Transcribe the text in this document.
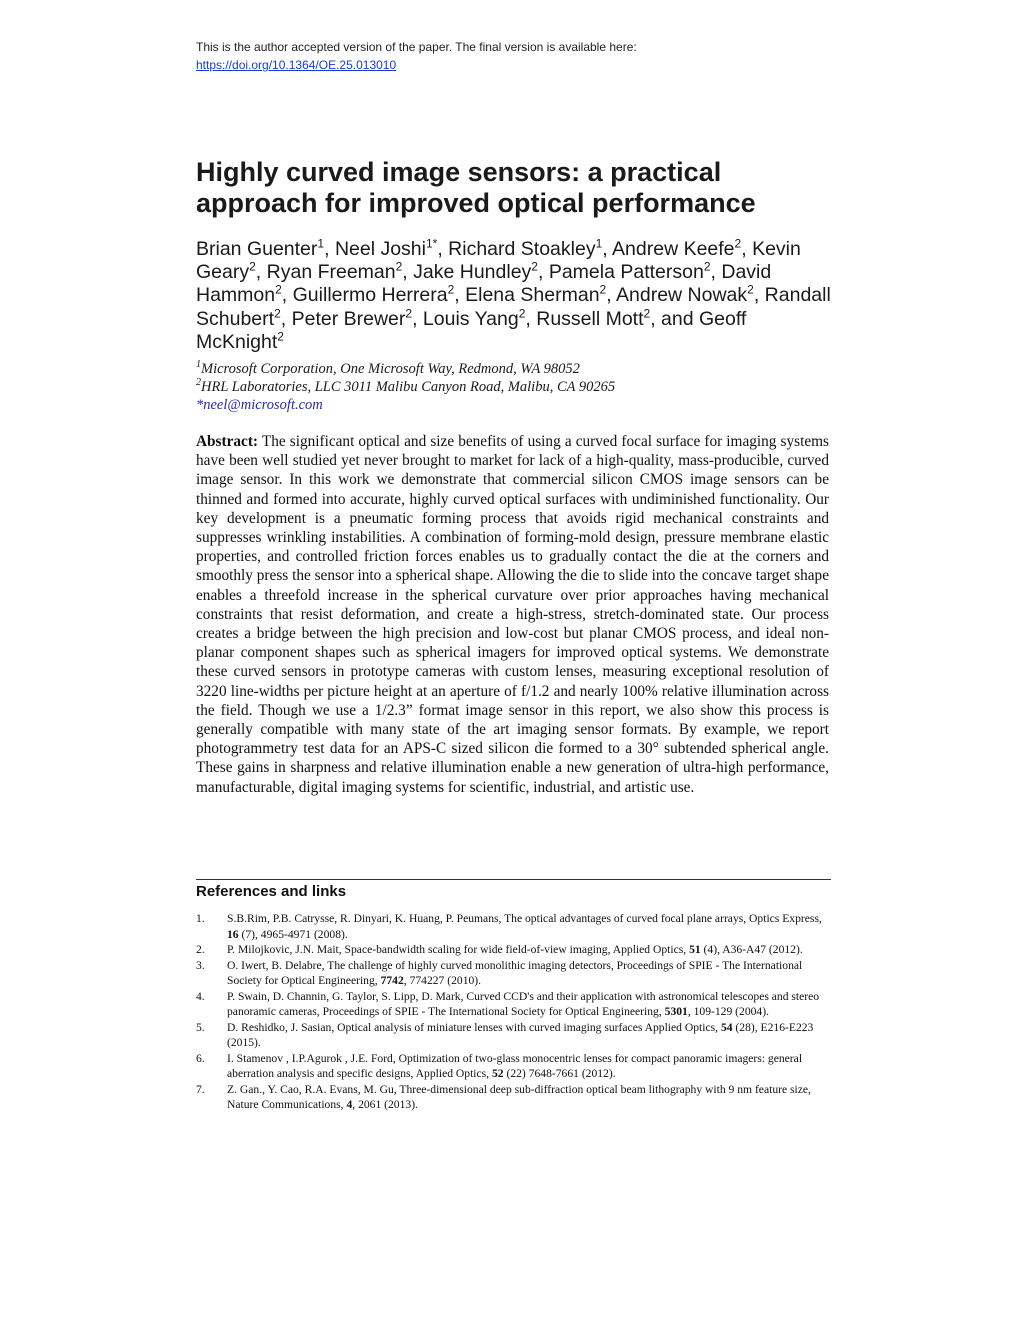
This is the author accepted version of the paper. The final version is available here:
https://doi.org/10.1364/OE.25.013010
Highly curved image sensors: a practical approach for improved optical performance

Brian Guenter$^1$, Neel Joshi$^{1*}$, Richard Stoakley$^1$, Andrew Keefe$^2$, Kevin Geary$^2$, Ryan Freeman$^2$, Jake Hundley$^2$, Pamela Patterson$^2$, David Hammon$^2$, Guillermo Herrera$^2$, Elena Sherman$^2$, Andrew Nowak$^2$, Randall Schubert$^2$, Peter Brewer$^2$, Louis Yang$^2$, Russell Mott$^2$, and Geoff McKnight$^2$

$^1$Microsoft Corporation, One Microsoft Way, Redmond, WA 98052
$^2$HRL Laboratories, LLC 3011 Malibu Canyon Road, Malibu, CA 90265
*neel@microsoft.com

Abstract: The significant optical and size benefits of using a curved focal surface for imaging systems have been well studied yet never brought to market for lack of a high-quality, mass-producible, curved image sensor. In this work we demonstrate that commercial silicon CMOS image sensors can be thinned and formed into accurate, highly curved optical surfaces with undiminished functionality. Our key development is a pneumatic forming process that avoids rigid mechanical constraints and suppresses wrinkling instabilities. A combination of forming-mold design, pressure membrane elastic properties, and controlled friction forces enables us to gradually contact the die at the corners and smoothly press the sensor into a spherical shape. Allowing the die to slide into the concave target shape enables a threefold increase in the spherical curvature over prior approaches having mechanical constraints that resist deformation, and create a high-stress, stretch-dominated state. Our process creates a bridge between the high precision and low-cost but planar CMOS process, and ideal non-planar component shapes such as spherical imagers for improved optical systems. We demonstrate these curved sensors in prototype cameras with custom lenses, measuring exceptional resolution of 3220 line-widths per picture height at an aperture of f/1.2 and nearly 100% relative illumination across the field. Though we use a 1/2.3” format image sensor in this report, we also show this process is generally compatible with many state of the art imaging sensor formats. By example, we report photogrammetry test data for an APS-C sized silicon die formed to a 30° subtended spherical angle. These gains in sharpness and relative illumination enable a new generation of ultra-high performance, manufacturable, digital imaging systems for scientific, industrial, and artistic use.

References and links
1. S.B.Rim, P.B. Catrysse, R. Dinyari, K. Huang, P. Peumans, The optical advantages of curved focal plane arrays, Optics Express, 16 (7), 4965-4971 (2008).
2. P. Milojkovic, J.N. Mait, Space-bandwidth scaling for wide field-of-view imaging, Applied Optics, 51 (4), A36-A47 (2012).
3. O. Iwert, B. Delabre, The challenge of highly curved monolithic imaging detectors, Proceedings of SPIE - The International Society for Optical Engineering, 7742, 774227 (2010).
4. P. Swain, D. Channin, G. Taylor, S. Lipp, D. Mark, Curved CCD's and their application with astronomical telescopes and stereo panoramic cameras, Proceedings of SPIE - The International Society for Optical Engineering, 5301, 109-129 (2004).
5. D. Reshidko, J. Sasian, Optical analysis of miniature lenses with curved imaging surfaces Applied Optics, 54 (28), E216-E223 (2015).
6. I. Stamenov , I.P.Agurok , J.E. Ford, Optimization of two-glass monocentric lenses for compact panoramic imagers: general aberration analysis and specific designs, Applied Optics, 52 (22) 7648-7661 (2012).
7. Z. Gan., Y. Cao, R.A. Evans, M. Gu, Three-dimensional deep sub-diffraction optical beam lithography with 9 nm feature size, Nature Communications, 4, 2061 (2013).
